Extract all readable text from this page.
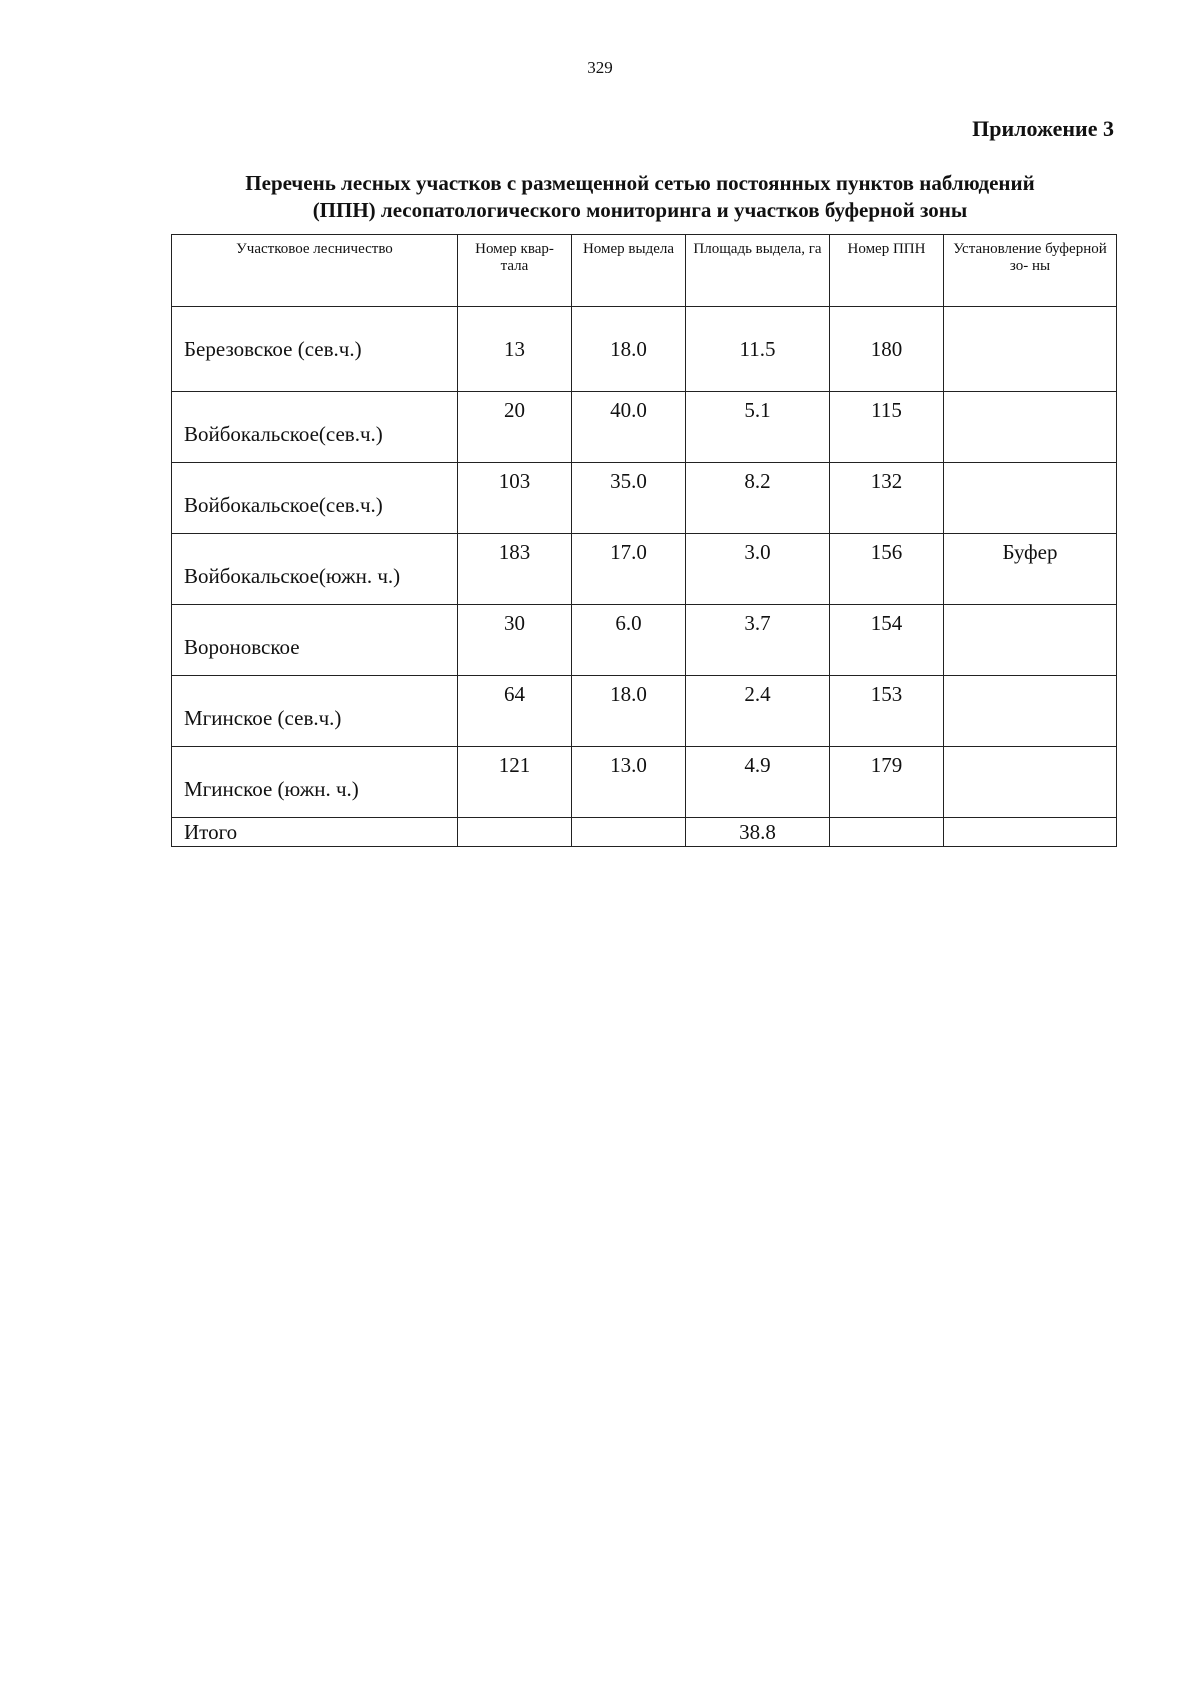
329
Приложение 3
Перечень лесных участков с размещенной сетью постоянных пунктов наблюдений
(ППН) лесопатологического мониторинга и участков буферной зоны
Участковое лесничество	Номер квар- тала	Номер выдела	Площадь выдела, га	Номер ППН	Установление буферной зо- ны
Березовское (сев.ч.)	13	18.0	11.5	180	
Войбокальское(сев.ч.)	20	40.0	5.1	115	
Войбокальское(сев.ч.)	103	35.0	8.2	132	
Войбокальское(южн. ч.)	183	17.0	3.0	156	Буфер
Вороновское	30	6.0	3.7	154	
Мгинское (сев.ч.)	64	18.0	2.4	153	
Мгинское (южн. ч.)	121	13.0	4.9	179	
Итого			38.8		
